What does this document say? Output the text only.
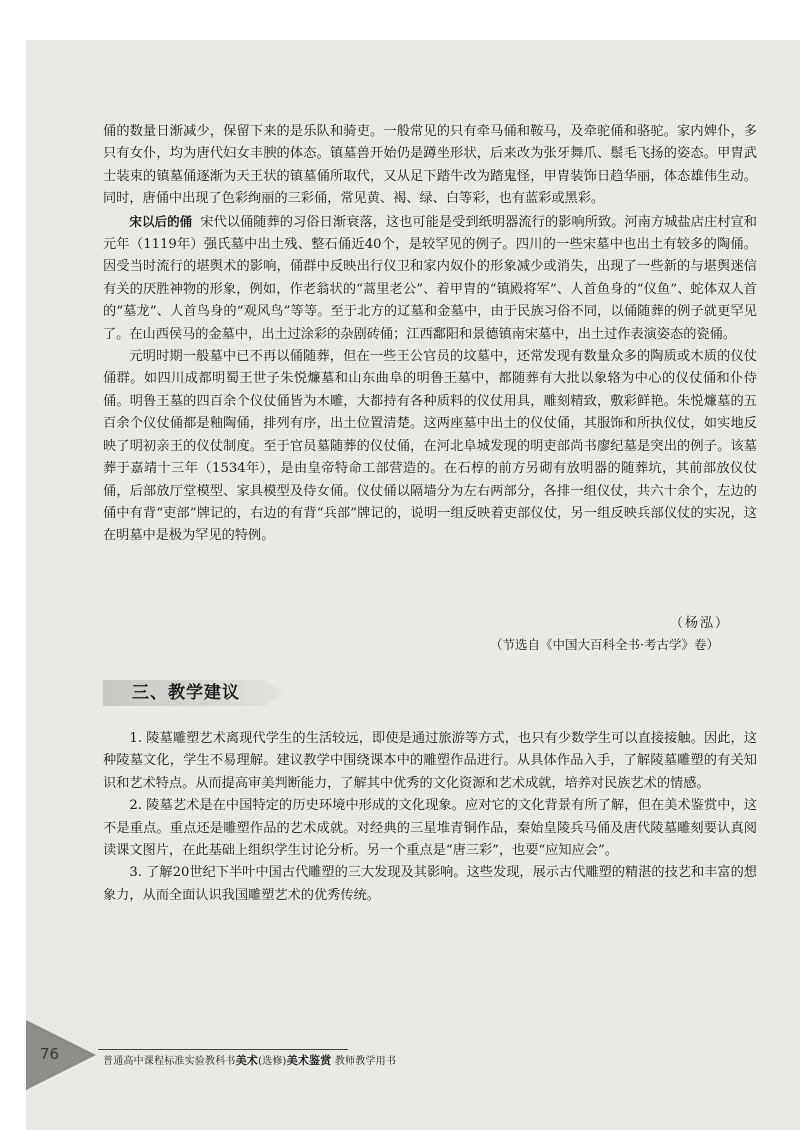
俑的数量日渐减少，保留下来的是乐队和骑吏。一般常见的只有牵马俑和鞍马，及牵驼俑和骆驼。家内婢仆，多只有女仆，均为唐代妇女丰腴的体态。镇墓兽开始仍是蹲坐形状，后来改为张牙舞爪、鬃毛飞扬的姿态。甲胄武士装束的镇墓俑逐渐为天王状的镇墓俑所取代，又从足下踏牛改为踏鬼怪，甲胄装饰日趋华丽，体态雄伟生动。同时，唐俑中出现了色彩绚丽的三彩俑，常见黄、褐、绿、白等彩，也有蓝彩或黑彩。

宋以后的俑 宋代以俑随葬的习俗日渐衰落，这也可能是受到纸明器流行的影响所致。河南方城盐店庄村宣和元年（1119年）强氏墓中出土残、整石俑近40个，是较罕见的例子。四川的一些宋墓中也出土有较多的陶俑。因受当时流行的堪舆术的影响，俑群中反映出行仪卫和家内奴仆的形象减少或消失，出现了一些新的与堪舆迷信有关的厌胜神物的形象，例如，作老翁状的“蒿里老公”、着甲胄的“镇殿将军”、人首鱼身的“仪鱼”、蛇体双人首的“墓龙”、人首鸟身的“观风鸟”等等。至于北方的辽墓和金墓中，由于民族习俗不同，以俑随葬的例子就更罕见了。在山西侯马的金墓中，出土过涂彩的杂剧砖俑；江西鄱阳和景德镇南宋墓中，出土过作表演姿态的瓷俑。

元明时期一般墓中已不再以俑随葬，但在一些王公官员的坟墓中，还常发现有数量众多的陶质或木质的仪仗俑群。如四川成都明蜀王世子朱悦燫墓和山东曲阜的明鲁王墓中，都随葬有大批以象辂为中心的仪仗俑和仆侍俑。明鲁王墓的四百余个仪仗俑皆为木雕，大都持有各种质料的仪仗用具，雕刻精致，敷彩鲜艳。朱悦燫墓的五百余个仪仗俑都是釉陶俑，排列有序，出土位置清楚。这两座墓中出土的仪仗俑，其服饰和所执仪仗，如实地反映了明初亲王的仪仗制度。至于官员墓随葬的仪仗俑，在河北阜城发现的明吏部尚书廖纪墓是突出的例子。该墓葬于嘉靖十三年（1534年），是由皇帝特命工部营造的。在石椁的前方另砌有放明器的随葬坑，其前部放仪仗俑，后部放厅堂模型、家具模型及侍女俑。仪仗俑以隔墙分为左右两部分，各排一组仪仗，共六十余个，左边的俑中有背“吏部”牌记的，右边的有背“兵部”牌记的，说明一组反映着吏部仪仗，另一组反映兵部仪仗的实况，这在明墓中是极为罕见的特例。

（杨泓）
（节选自《中国大百科全书·考古学》卷）
三、教学建议

1. 陵墓雕塑艺术离现代学生的生活较远，即使是通过旅游等方式，也只有少数学生可以直接接触。因此，这种陵墓文化，学生不易理解。建议教学中围绕课本中的雕塑作品进行。从具体作品入手，了解陵墓雕塑的有关知识和艺术特点。从而提高审美判断能力，了解其中优秀的文化资源和艺术成就，培养对民族艺术的情感。

2. 陵墓艺术是在中国特定的历史环境中形成的文化现象。应对它的文化背景有所了解，但在美术鉴赏中，这不是重点。重点还是雕塑作品的艺术成就。对经典的三星堆青铜作品，秦始皇陵兵马俑及唐代陵墓雕刻要认真阅读课文图片，在此基础上组织学生讨论分析。另一个重点是“唐三彩”，也要“应知应会”。

3. 了解20世纪下半叶中国古代雕塑的三大发现及其影响。这些发现，展示古代雕塑的精湛的技艺和丰富的想象力，从而全面认识我国雕塑艺术的优秀传统。

76	普通高中课程标准实验教科书美术(选修)美术鉴赏 教师教学用书
